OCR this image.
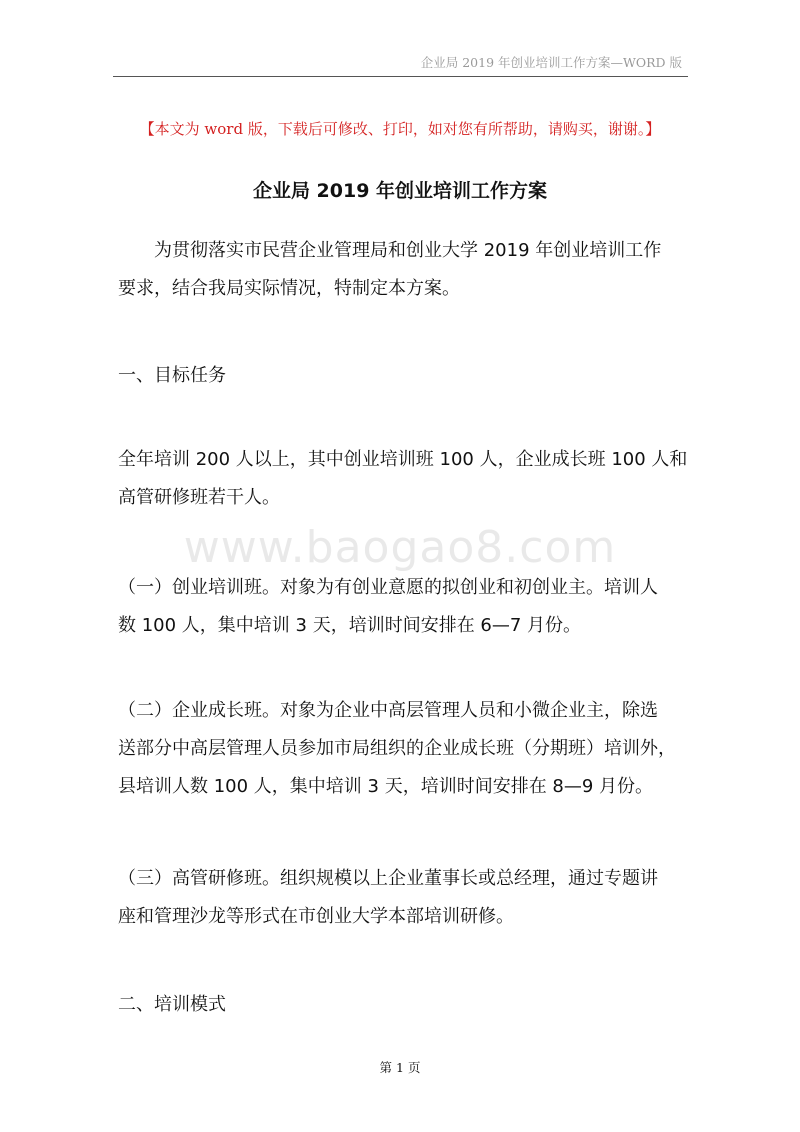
企业局 2019 年创业培训工作方案—WORD 版
【本文为 word 版，下载后可修改、打印，如对您有所帮助，请购买，谢谢。】
企业局 2019 年创业培训工作方案
www.baogao8.com
　　为贯彻落实市民营企业管理局和创业大学 2019 年创业培训工作
要求，结合我局实际情况，特制定本方案。
一、目标任务
全年培训 200 人以上，其中创业培训班 100 人，企业成长班 100 人和
高管研修班若干人。
（一）创业培训班。对象为有创业意愿的拟创业和初创业主。培训人
数 100 人，集中培训 3 天，培训时间安排在 6—7 月份。
（二）企业成长班。对象为企业中高层管理人员和小微企业主，除选
送部分中高层管理人员参加市局组织的企业成长班（分期班）培训外，
县培训人数 100 人，集中培训 3 天，培训时间安排在 8—9 月份。
（三）高管研修班。组织规模以上企业董事长或总经理，通过专题讲
座和管理沙龙等形式在市创业大学本部培训研修。
二、培训模式
第 1 页
